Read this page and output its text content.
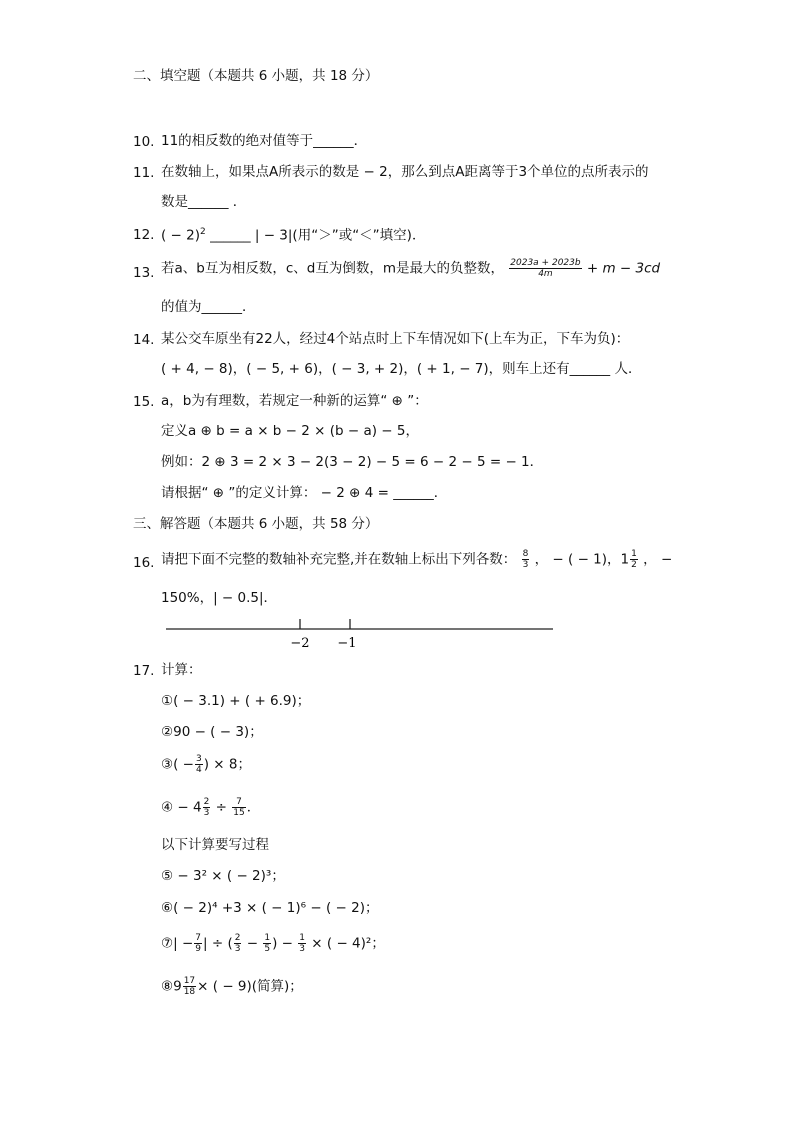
二、填空题（本题共 6 小题，共 18 分）
10. 11的相反数的绝对值等于______．
11. 在数轴上，如果点A所表示的数是 − 2，那么到点A距离等于3个单位的点所表示的
数是______ ．
12. ( − 2)$^2$ ______ | − 3|(用“＞”或“＜”填空)．
13. 若a、b互为相反数，c、d互为倒数，m是最大的负整数， $\frac{2023a + 2023b}{4m} + m - 3cd$
的值为______．
14. 某公交车原坐有22人，经过4个站点时上下车情况如下(上车为正，下车为负)：
( + 4, − 8)，( − 5, + 6)，( − 3, + 2)，( + 1, − 7)，则车上还有______ 人．
15. a，b为有理数，若规定一种新的运算“ ⊕ ”：
定义a ⊕ b = a × b − 2 × (b − a) − 5，
例如：2 ⊕ 3 = 2 × 3 − 2(3 − 2) − 5 = 6 − 2 − 5 = − 1．
请根据“ ⊕ ”的定义计算： − 2 ⊕ 4 = ______．
三、解答题（本题共 6 小题，共 58 分）
16. 请把下面不完整的数轴补充完整,并在数轴上标出下列各数： $\frac{8}{3}$ ， − ( − 1)，$1 \frac{1}{2}$ ， −
150%，| − 0.5|．
−2 −1
17. 计算：
①( − 3.1) + ( + 6.9)；
②90 − ( − 3)；
③( − $\frac{3}{4}$ ) × 8；
④ − $4 \frac{2}{3} \div \frac{7}{15}$ ．
以下计算要写过程
⑤ − 3² × ( − 2)³；
⑥( − 2)⁴ +3 × ( − 1)⁶ − ( − 2)；
⑦| − $\frac{7}{9}$ | ÷ ( $\frac{2}{3} - \frac{1}{5}$ ) − $\frac{1}{3}$ × ( − 4)²；
⑧9 $\frac{17}{18}$ × ( − 9)(简算)；
